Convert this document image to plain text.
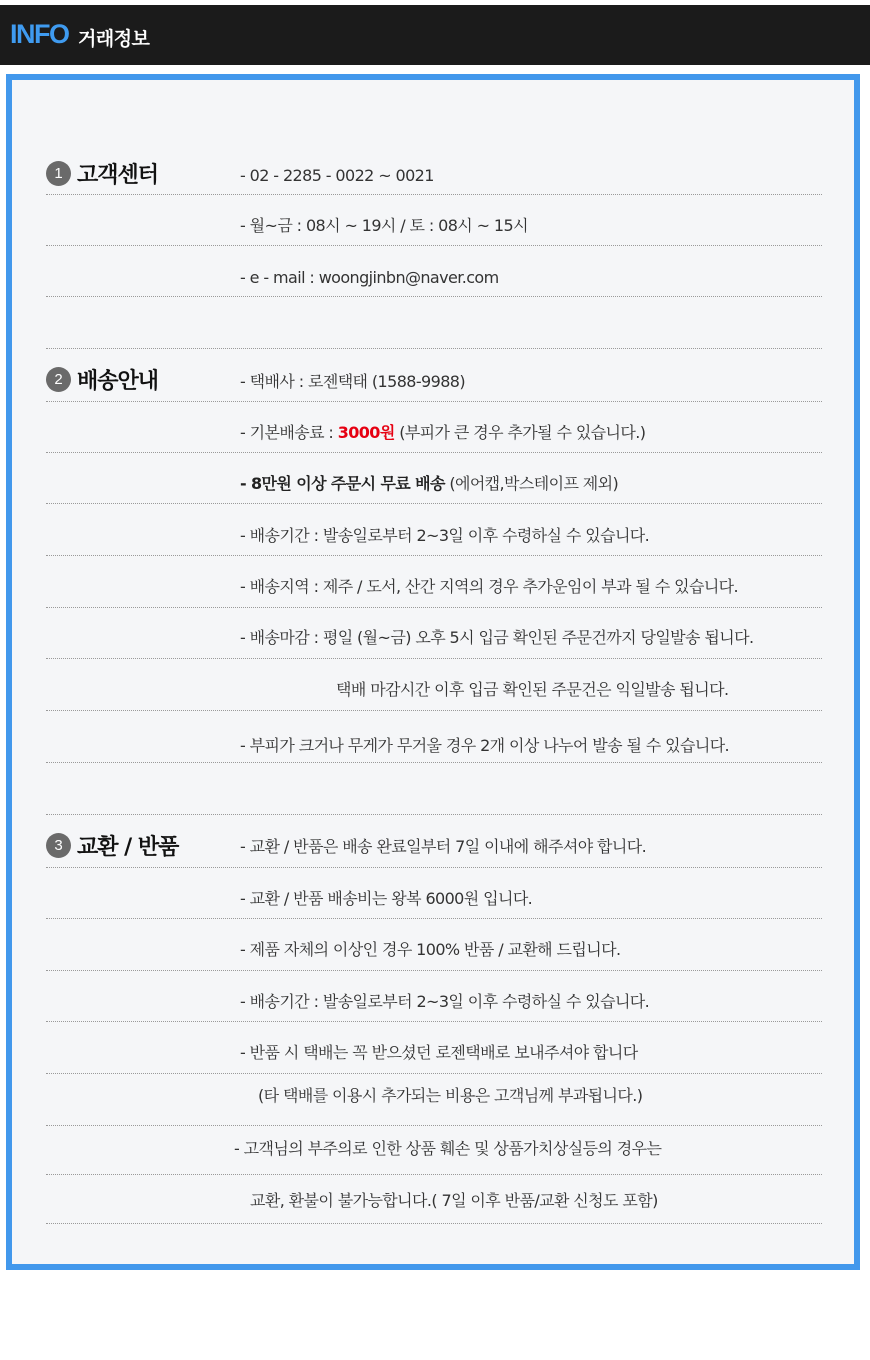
INFO 거래정보
1 고객센터	- 02 - 2285 - 0022 ~ 0021
- 월~금 : 08시 ~ 19시 / 토 : 08시 ~ 15시
- e - mail : woongjinbn@naver.com
2 배송안내	- 택배사 : 로젠택태 (1588-9988)
- 기본배송료 : 3000원 (부피가 큰 경우 추가될 수 있습니다.)
- 8만원 이상 주문시 무료 배송 (에어캡,박스테이프 제외)
- 배송기간 : 발송일로부터 2~3일 이후 수령하실 수 있습니다.
- 배송지역 : 제주 / 도서, 산간 지역의 경우 추가운임이 부과 될 수 있습니다.
- 배송마감 : 평일 (월~금) 오후 5시 입금 확인된 주문건까지 당일발송 됩니다.
택배 마감시간 이후 입금 확인된 주문건은 익일발송 됩니다.
- 부피가 크거나 무게가 무거울 경우 2개 이상 나누어 발송 될 수 있습니다.
3 교환 / 반품	- 교환 / 반품은 배송 완료일부터 7일 이내에 해주셔야 합니다.
- 교환 / 반품 배송비는 왕복 6000원 입니다.
- 제품 자체의 이상인 경우 100% 반품 / 교환해 드립니다.
- 배송기간 : 발송일로부터 2~3일 이후 수령하실 수 있습니다.
- 반품 시 택배는 꼭 받으셨던 로젠택배로 보내주셔야 합니다
(타 택배를 이용시 추가되는 비용은 고객님께 부과됩니다.)
- 고객님의 부주의로 인한 상품 훼손 및 상품가치상실등의 경우는
교환, 환불이 불가능합니다.( 7일 이후 반품/교환 신청도 포함)
